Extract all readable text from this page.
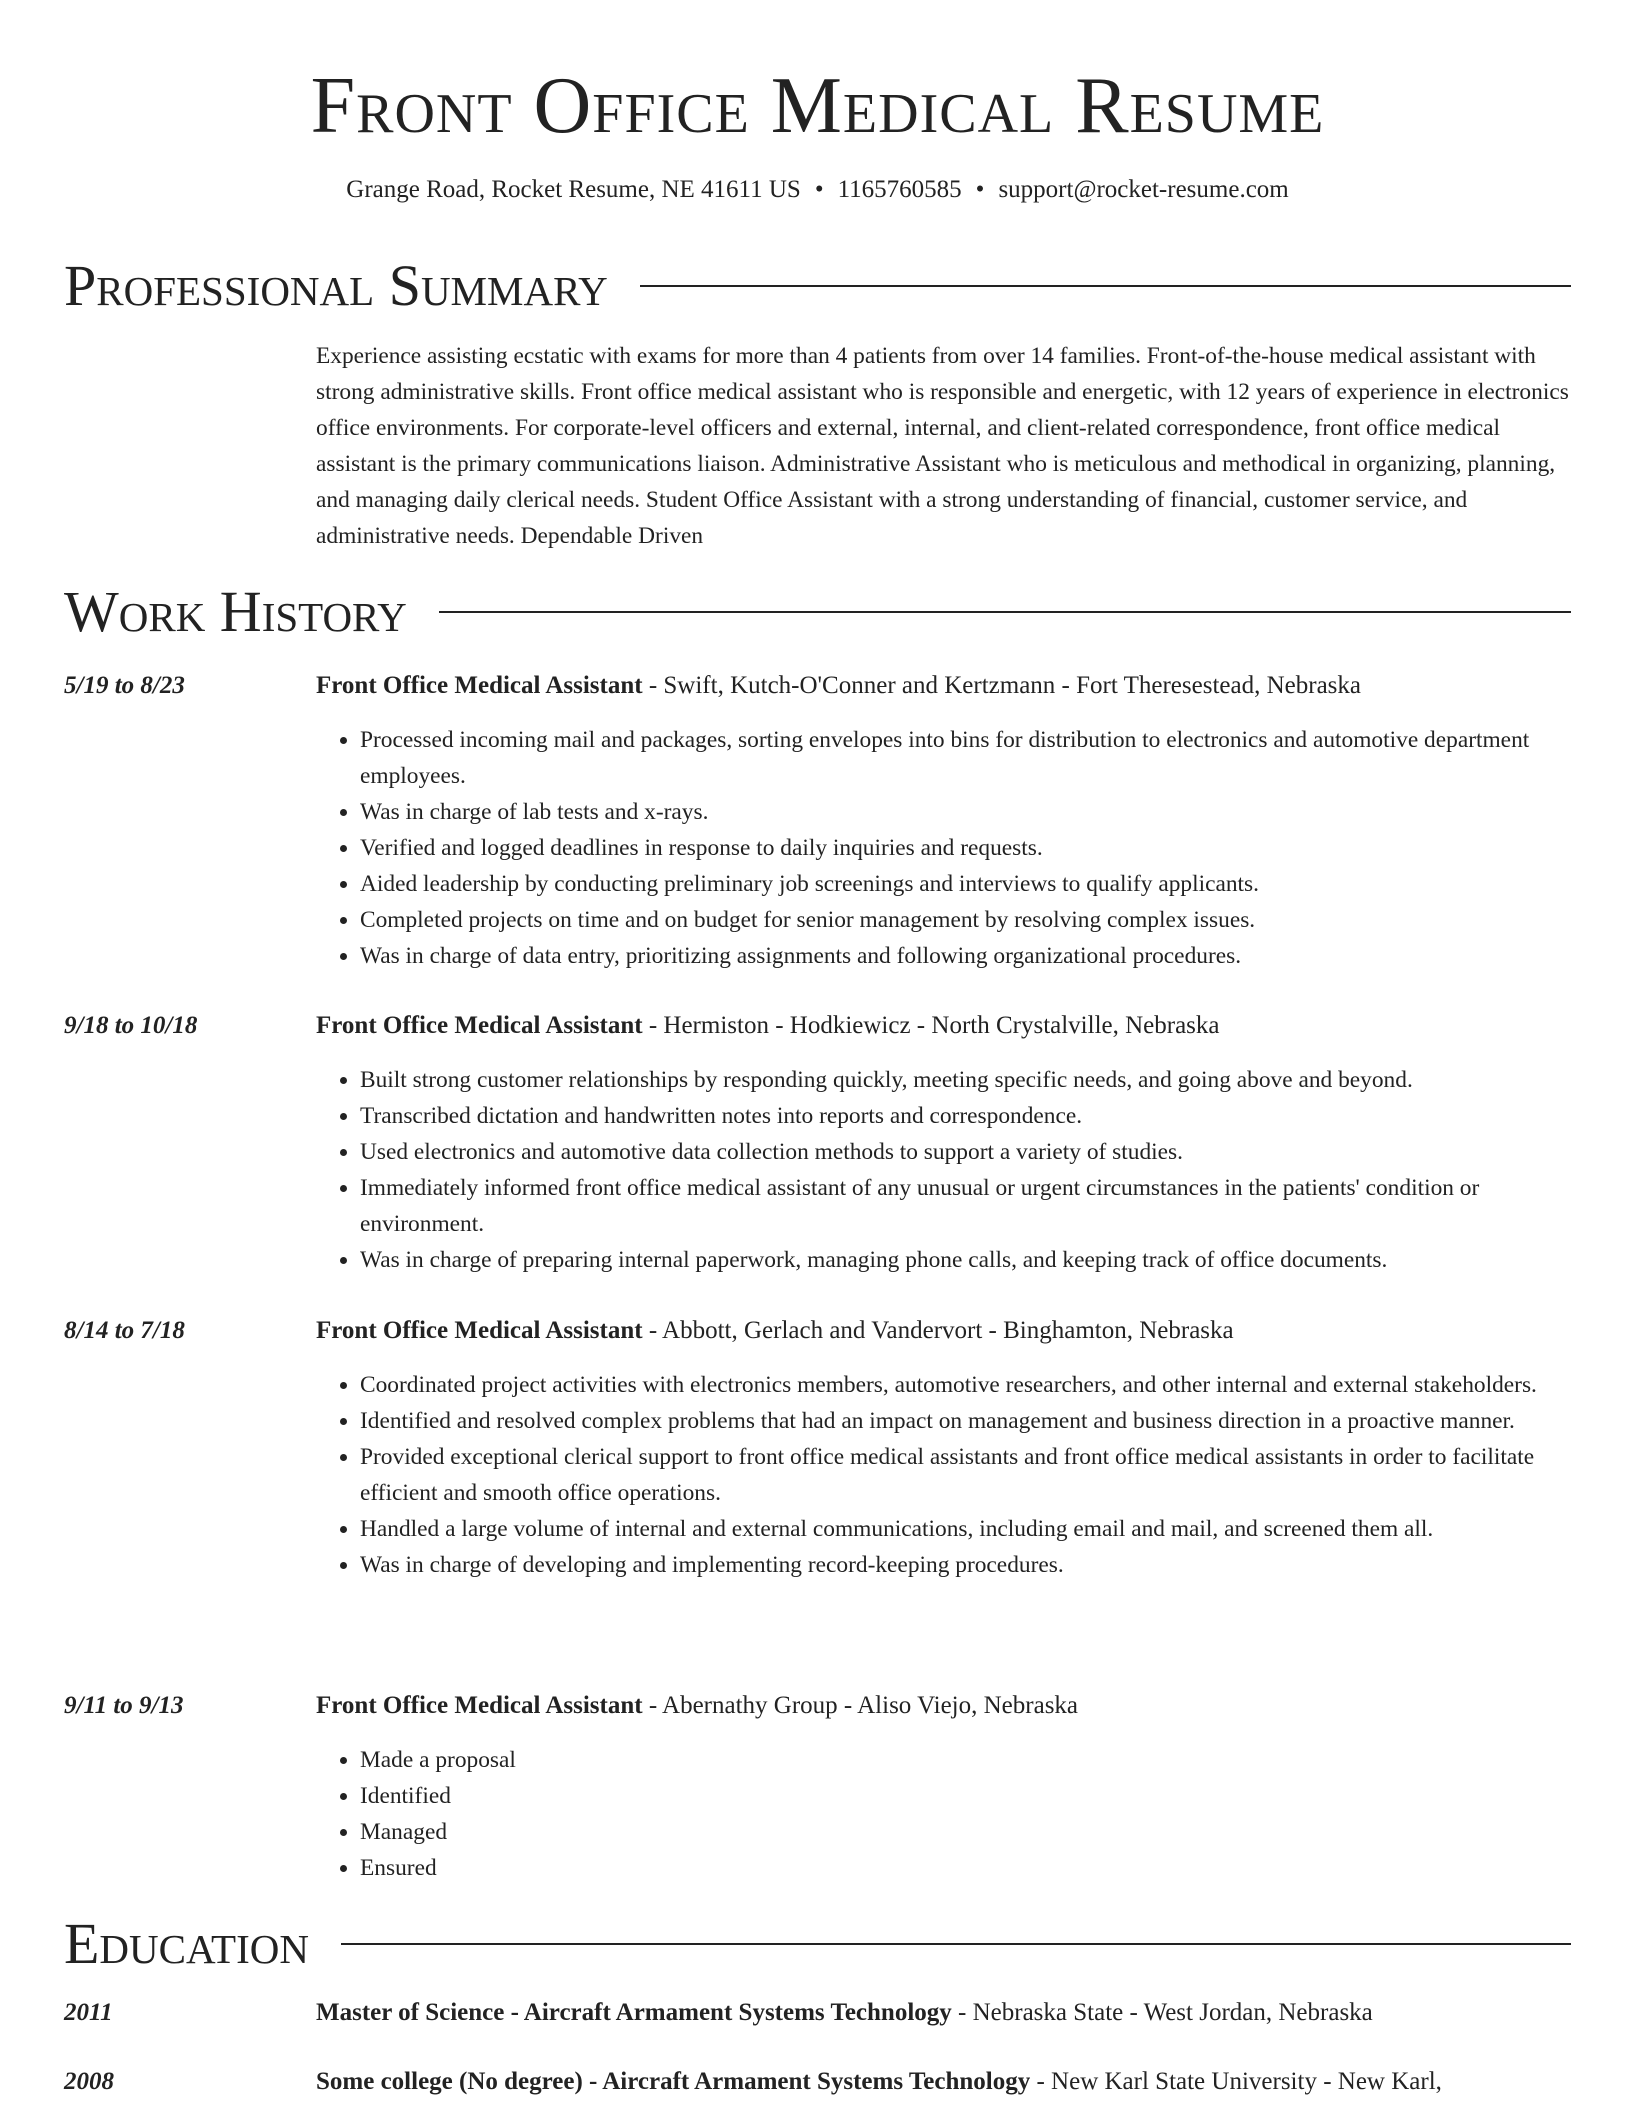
Front Office Medical Resume
Grange Road, Rocket Resume, NE 41611 US • 1165760585 • support@rocket-resume.com
Professional Summary

Experience assisting ecstatic with exams for more than 4 patients from over 14 families. Front-of-the-house medical assistant with strong administrative skills. Front office medical assistant who is responsible and energetic, with 12 years of experience in electronics office environments. For corporate-level officers and external, internal, and client-related correspondence, front office medical assistant is the primary communications liaison. Administrative Assistant who is meticulous and methodical in organizing, planning, and managing daily clerical needs. Student Office Assistant with a strong understanding of financial, customer service, and administrative needs. Dependable Driven

Work History
5/19 to 8/23	Front Office Medical Assistant - Swift, Kutch-O'Conner and Kertzmann - Fort Theresestead, Nebraska
• Processed incoming mail and packages, sorting envelopes into bins for distribution to electronics and automotive department employees.
• Was in charge of lab tests and x-rays.
• Verified and logged deadlines in response to daily inquiries and requests.
• Aided leadership by conducting preliminary job screenings and interviews to qualify applicants.
• Completed projects on time and on budget for senior management by resolving complex issues.
• Was in charge of data entry, prioritizing assignments and following organizational procedures.
9/18 to 10/18	Front Office Medical Assistant - Hermiston - Hodkiewicz - North Crystalville, Nebraska
• Built strong customer relationships by responding quickly, meeting specific needs, and going above and beyond.
• Transcribed dictation and handwritten notes into reports and correspondence.
• Used electronics and automotive data collection methods to support a variety of studies.
• Immediately informed front office medical assistant of any unusual or urgent circumstances in the patients' condition or environment.
• Was in charge of preparing internal paperwork, managing phone calls, and keeping track of office documents.
8/14 to 7/18	Front Office Medical Assistant - Abbott, Gerlach and Vandervort - Binghamton, Nebraska
• Coordinated project activities with electronics members, automotive researchers, and other internal and external stakeholders.
• Identified and resolved complex problems that had an impact on management and business direction in a proactive manner.
• Provided exceptional clerical support to front office medical assistants and front office medical assistants in order to facilitate efficient and smooth office operations.
• Handled a large volume of internal and external communications, including email and mail, and screened them all.
• Was in charge of developing and implementing record-keeping procedures.
9/11 to 9/13	Front Office Medical Assistant - Abernathy Group - Aliso Viejo, Nebraska
• Made a proposal
• Identified
• Managed
• Ensured
Education
2011	Master of Science - Aircraft Armament Systems Technology - Nebraska State - West Jordan, Nebraska
2008	Some college (No degree) - Aircraft Armament Systems Technology - New Karl State University - New Karl,
